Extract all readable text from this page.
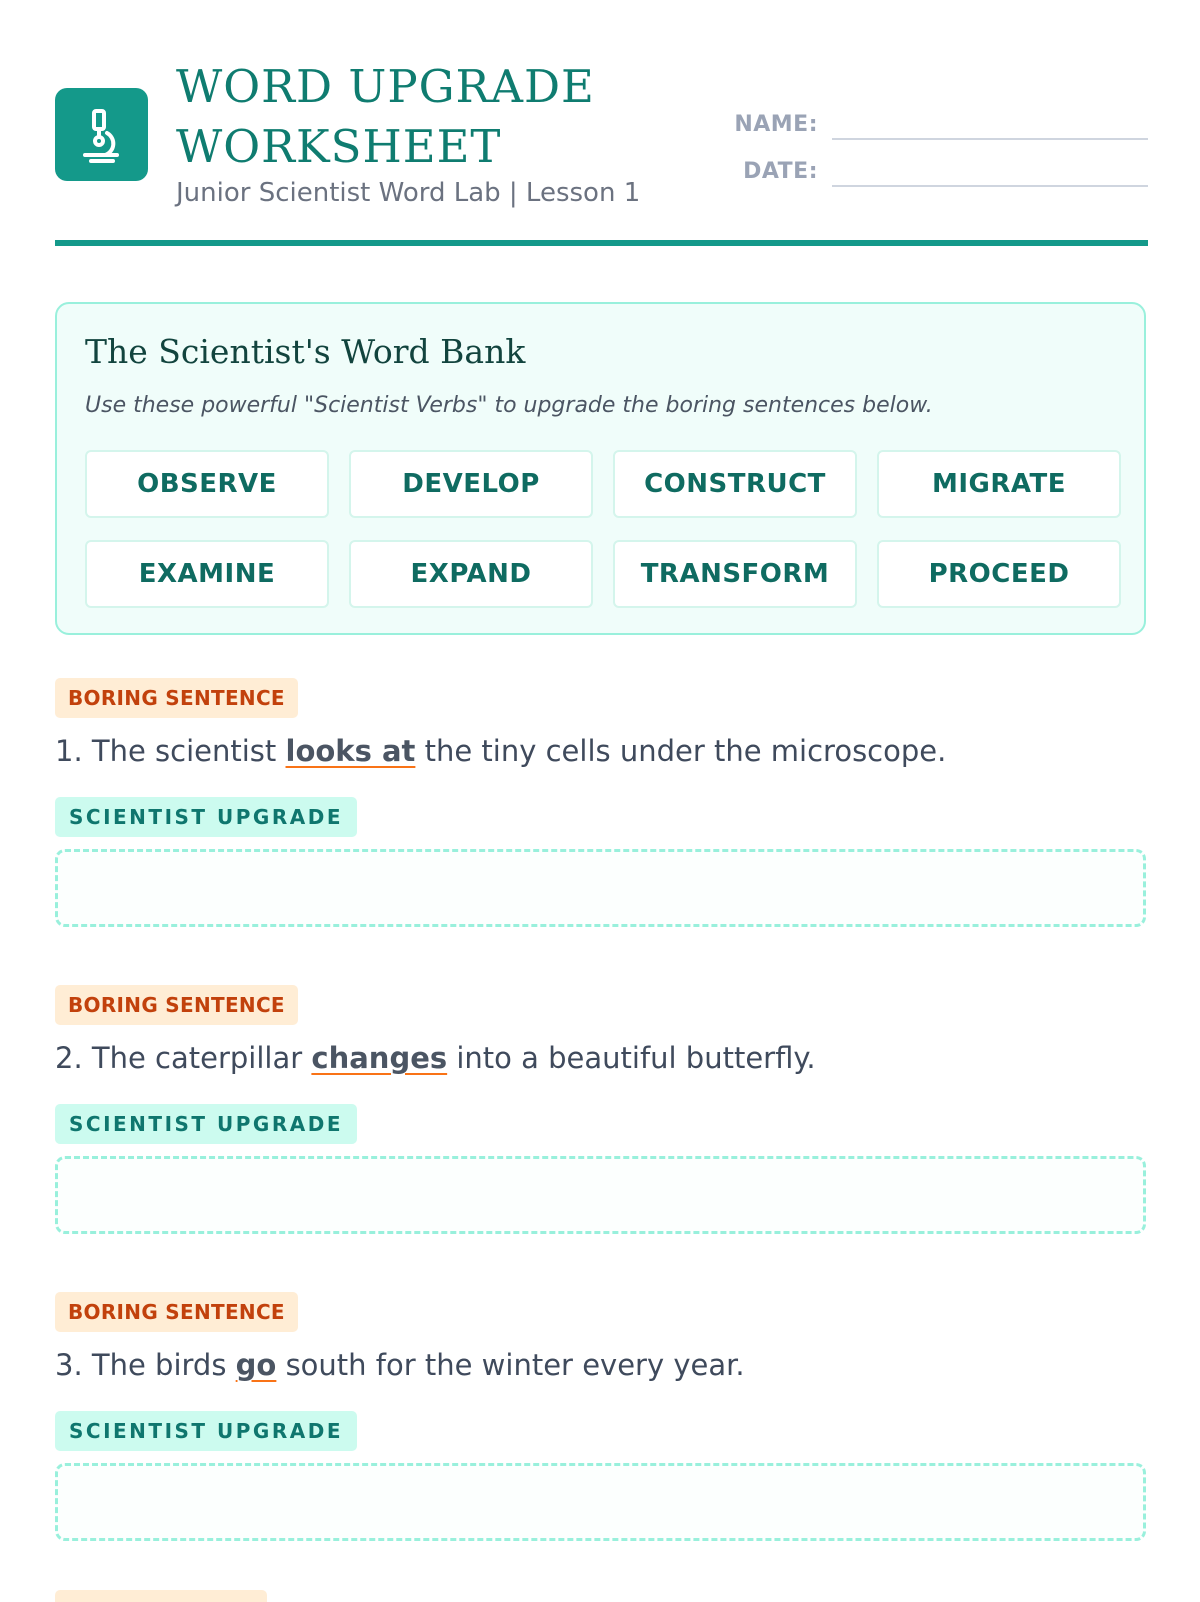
WORD UPGRADE WORKSHEET
Junior Scientist Word Lab | Lesson 1
NAME:
DATE:
The Scientist's Word Bank
Use these powerful "Scientist Verbs" to upgrade the boring sentences below.
OBSERVE	DEVELOP	CONSTRUCT	MIGRATE
EXAMINE	EXPAND	TRANSFORM	PROCEED
BORING SENTENCE
1. The scientist looks at the tiny cells under the microscope.
SCIENTIST UPGRADE
BORING SENTENCE
2. The caterpillar changes into a beautiful butterfly.
SCIENTIST UPGRADE
BORING SENTENCE
3. The birds go south for the winter every year.
SCIENTIST UPGRADE
